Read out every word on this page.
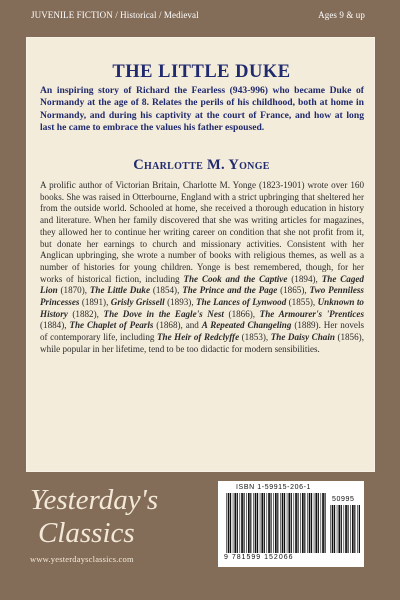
JUVENILE FICTION / Historical / Medieval	Ages 9 & up
THE LITTLE DUKE
An inspiring story of Richard the Fearless (943-996) who became Duke of Normandy at the age of 8. Relates the perils of his childhood, both at home in Normandy, and during his captivity at the court of France, and how at long last he came to embrace the values his father espoused.
Charlotte M. Yonge
A prolific author of Victorian Britain, Charlotte M. Yonge (1823-1901) wrote over 160 books. She was raised in Otterbourne, England with a strict upbringing that sheltered her from the outside world. Schooled at home, she received a thorough education in history and literature. When her family discovered that she was writing articles for magazines, they allowed her to continue her writing career on condition that she not profit from it, but donate her earnings to church and missionary activities. Consistent with her Anglican upbringing, she wrote a number of books with religious themes, as well as a number of histories for young children. Yonge is best remembered, though, for her works of historical fiction, including The Cook and the Captive (1894), The Caged Lion (1870), The Little Duke (1854), The Prince and the Page (1865), Two Penniless Princesses (1891), Grisly Grissell (1893), The Lances of Lynwood (1855), Unknown to History (1882), The Dove in the Eagle's Nest (1866), The Armourer's 'Prentices (1884), The Chaplet of Pearls (1868), and A Repeated Changeling (1889). Her novels of contemporary life, including The Heir of Redclyffe (1853), The Daisy Chain (1856), while popular in her lifetime, tend to be too didactic for modern sensibilities.
Yesterday's
Classics
www.yesterdaysclassics.com
ISBN 1-59915-206-1
50995
9 781599 152066
